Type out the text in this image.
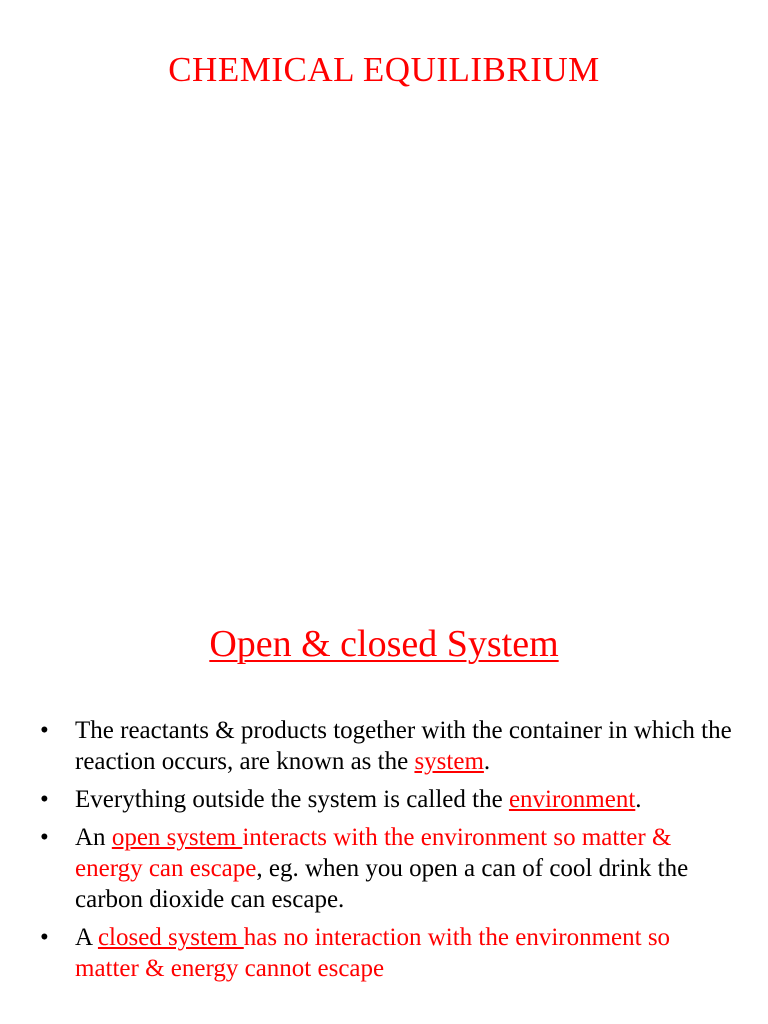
CHEMICAL EQUILIBRIUM
Open & closed System
• The reactants & products together with the container in which the reaction occurs, are known as the system.
• Everything outside the system is called the environment.
• An open system interacts with the environment so matter & energy can escape, eg. when you open a can of cool drink the carbon dioxide can escape.
• A closed system has no interaction with the environment so matter & energy cannot escape
